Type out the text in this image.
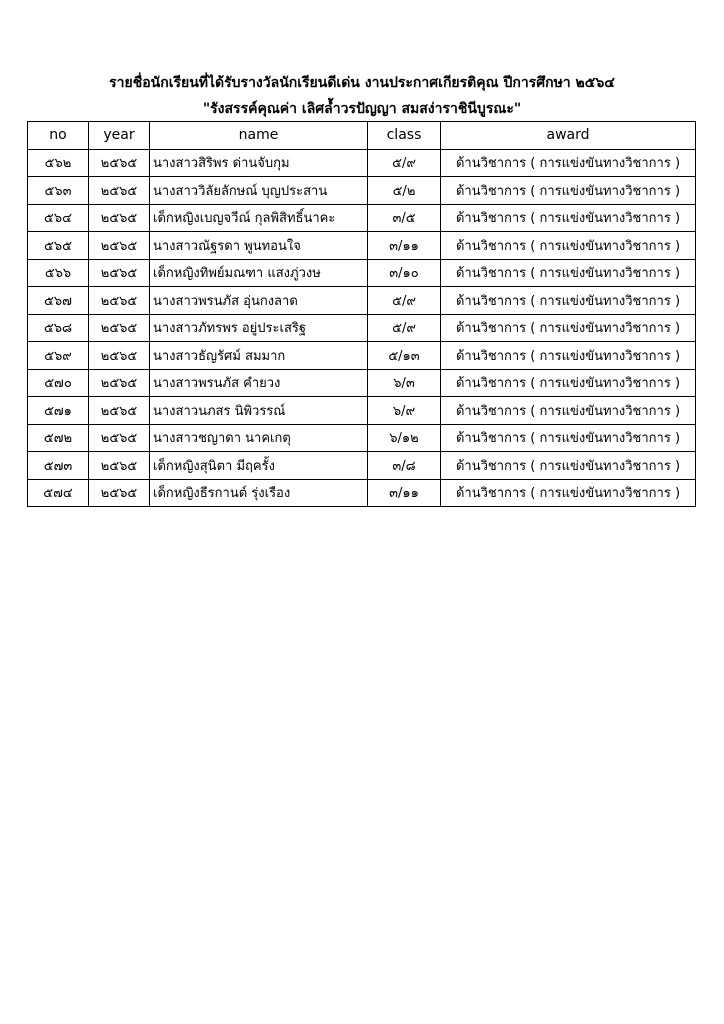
รายชื่อนักเรียนที่ได้รับรางวัลนักเรียนดีเด่น งานประกาศเกียรติคุณ ปีการศึกษา ๒๕๖๔
"รังสรรค์คุณค่า เลิศล้ำวรปัญญา สมสง่าราชินีบูรณะ"
no	year	name	class	award
๕๖๒	๒๕๖๕	นางสาวสิริพร ด่านจับกุม	๕/๙	ด้านวิชาการ ( การแข่งขันทางวิชาการ )
๕๖๓	๒๕๖๕	นางสาววิลัยลักษณ์ บุญประสาน	๕/๒	ด้านวิชาการ ( การแข่งขันทางวิชาการ )
๕๖๔	๒๕๖๕	เด็กหญิงเบญจวีณ์ กุลพิสิทธิ์นาคะ	๓/๕	ด้านวิชาการ ( การแข่งขันทางวิชาการ )
๕๖๕	๒๕๖๕	นางสาวณัฐรดา พูนทอนใจ	๓/๑๑	ด้านวิชาการ ( การแข่งขันทางวิชาการ )
๕๖๖	๒๕๖๕	เด็กหญิงทิพย์มณฑา แสงภู่วงษ	๓/๑๐	ด้านวิชาการ ( การแข่งขันทางวิชาการ )
๕๖๗	๒๕๖๕	นางสาวพรนภัส อุ่นกงลาด	๕/๙	ด้านวิชาการ ( การแข่งขันทางวิชาการ )
๕๖๘	๒๕๖๕	นางสาวภัทรพร อยู่ประเสริฐ	๕/๙	ด้านวิชาการ ( การแข่งขันทางวิชาการ )
๕๖๙	๒๕๖๕	นางสาวธัญรัศม์ สมมาก	๕/๑๓	ด้านวิชาการ ( การแข่งขันทางวิชาการ )
๕๗๐	๒๕๖๕	นางสาวพรนภัส คำยวง	๖/๓	ด้านวิชาการ ( การแข่งขันทางวิชาการ )
๕๗๑	๒๕๖๕	นางสาวนภสร นิพิวรรณ์	๖/๙	ด้านวิชาการ ( การแข่งขันทางวิชาการ )
๕๗๒	๒๕๖๕	นางสาวชญาดา นาคเกตุ	๖/๑๒	ด้านวิชาการ ( การแข่งขันทางวิชาการ )
๕๗๓	๒๕๖๕	เด็กหญิงสุนิตา มีฤครั้ง	๓/๘	ด้านวิชาการ ( การแข่งขันทางวิชาการ )
๕๗๔	๒๕๖๕	เด็กหญิงธีรกานต์ รุ่งเรือง	๓/๑๑	ด้านวิชาการ ( การแข่งขันทางวิชาการ )
